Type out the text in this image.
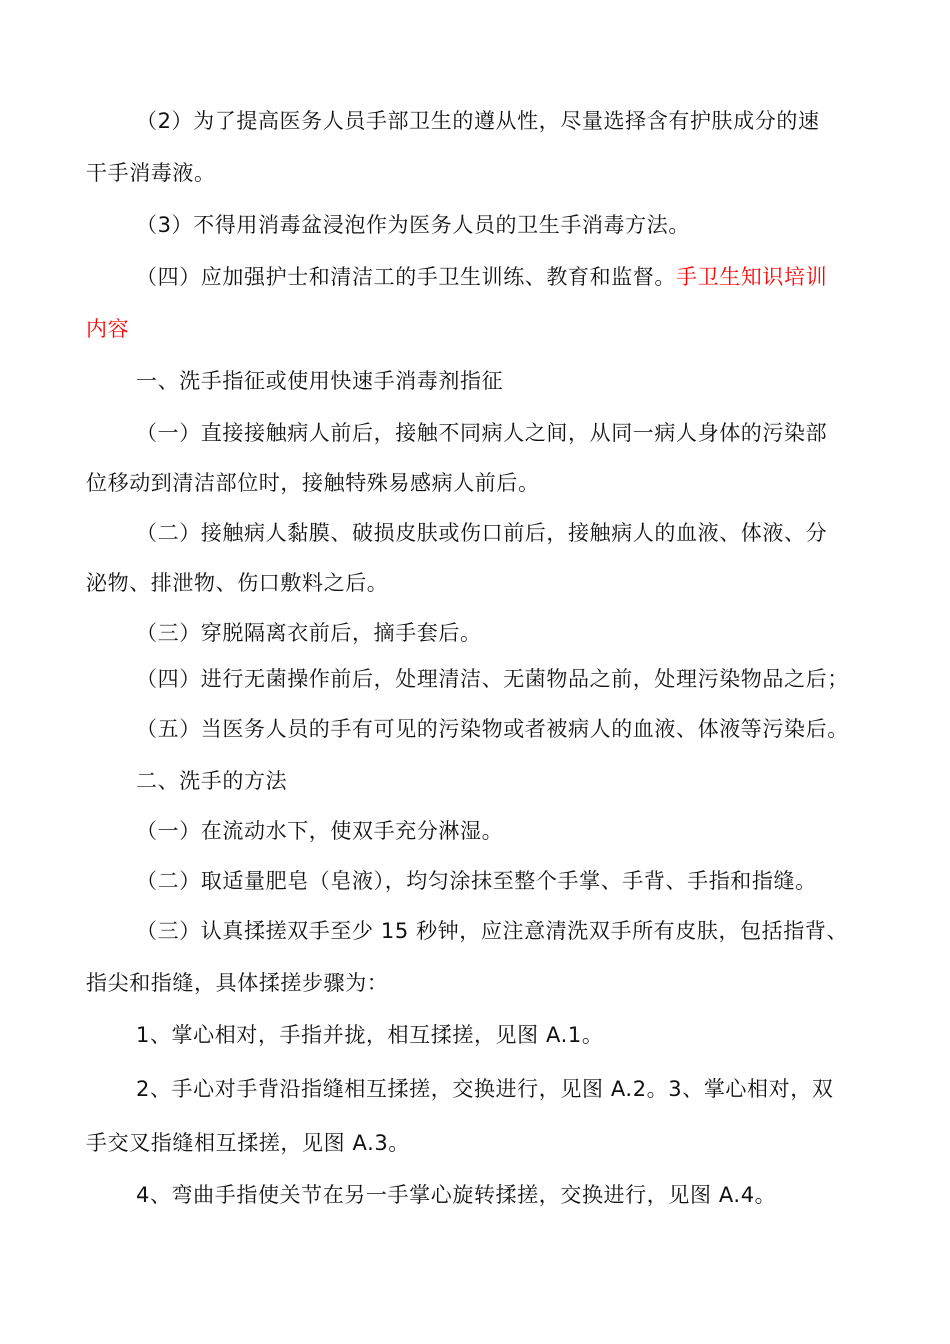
（2）为了提高医务人员手部卫生的遵从性，尽量选择含有护肤成分的速
干手消毒液。
（3）不得用消毒盆浸泡作为医务人员的卫生手消毒方法。
（四）应加强护士和清洁工的手卫生训练、教育和监督。手卫生知识培训
内容
一、洗手指征或使用快速手消毒剂指征
（一）直接接触病人前后，接触不同病人之间，从同一病人身体的污染部
位移动到清洁部位时，接触特殊易感病人前后。
（二）接触病人黏膜、破损皮肤或伤口前后，接触病人的血液、体液、分
泌物、排泄物、伤口敷料之后。
（三）穿脱隔离衣前后，摘手套后。
（四）进行无菌操作前后，处理清洁、无菌物品之前，处理污染物品之后；
（五）当医务人员的手有可见的污染物或者被病人的血液、体液等污染后。
二、洗手的方法
（一）在流动水下，使双手充分淋湿。
（二）取适量肥皂（皂液），均匀涂抹至整个手掌、手背、手指和指缝。
（三）认真揉搓双手至少 15 秒钟，应注意清洗双手所有皮肤，包括指背、
指尖和指缝，具体揉搓步骤为：
1、掌心相对，手指并拢，相互揉搓，见图 A.1。
2、手心对手背沿指缝相互揉搓，交换进行，见图 A.2。3、掌心相对，双
手交叉指缝相互揉搓，见图 A.3。
4、弯曲手指使关节在另一手掌心旋转揉搓，交换进行，见图 A.4。
